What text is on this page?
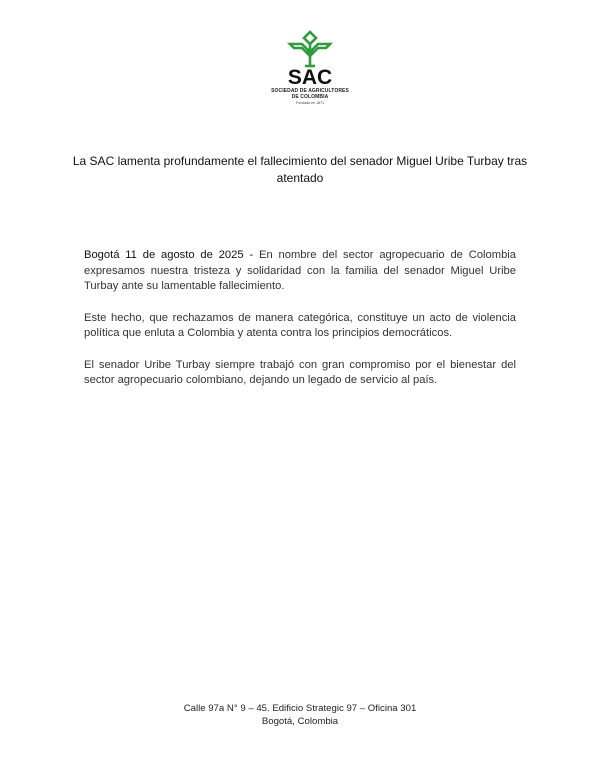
SAC
SOCIEDAD DE AGRICULTORES
DE COLOMBIA
Fundada en 1871
La SAC lamenta profundamente el fallecimiento del senador Miguel Uribe Turbay tras atentado

Bogotá 11 de agosto de 2025 - En nombre del sector agropecuario de Colombia expresamos nuestra tristeza y solidaridad con la familia del senador Miguel Uribe Turbay ante su lamentable fallecimiento.

Este hecho, que rechazamos de manera categórica, constituye un acto de violencia política que enluta a Colombia y atenta contra los principios democráticos.

El senador Uribe Turbay siempre trabajó con gran compromiso por el bienestar del sector agropecuario colombiano, dejando un legado de servicio al país.

Calle 97a N° 9 – 45. Edificio Strategic 97 – Oficina 301
Bogotá, Colombia
